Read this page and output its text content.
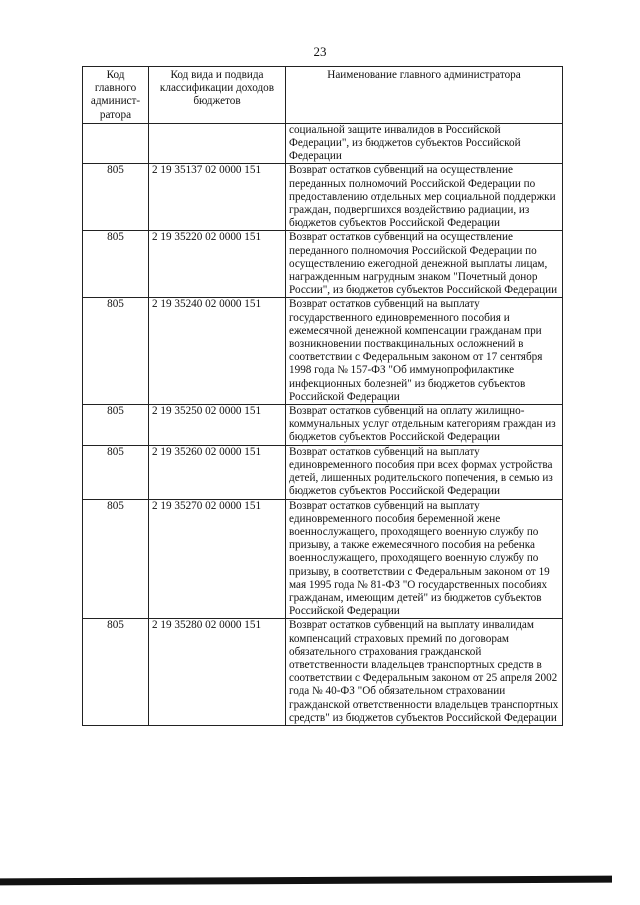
23
Код главного админист-ратора	Код вида и подвида классификации доходов бюджетов	Наименование главного администратора
		социальной защите инвалидов в Российской Федерации", из бюджетов субъектов Российской Федерации
805	2 19 35137 02 0000 151	Возврат остатков субвенций на осуществление переданных полномочий Российской Федерации по предоставлению отдельных мер социальной поддержки граждан, подвергшихся воздействию радиации, из бюджетов субъектов Российской Федерации
805	2 19 35220 02 0000 151	Возврат остатков субвенций на осуществление переданного полномочия Российской Федерации по осуществлению ежегодной денежной выплаты лицам, награжденным нагрудным знаком "Почетный донор России", из бюджетов субъектов Российской Федерации
805	2 19 35240 02 0000 151	Возврат остатков субвенций на выплату государственного единовременного пособия и ежемесячной денежной компенсации гражданам при возникновении поствакцинальных осложнений в соответствии с Федеральным законом от 17 сентября 1998 года № 157-ФЗ "Об иммунопрофилактике инфекционных болезней" из бюджетов субъектов Российской Федерации
805	2 19 35250 02 0000 151	Возврат остатков субвенций на оплату жилищно-коммунальных услуг отдельным категориям граждан из бюджетов субъектов Российской Федерации
805	2 19 35260 02 0000 151	Возврат остатков субвенций на выплату единовременного пособия при всех формах устройства детей, лишенных родительского попечения, в семью из бюджетов субъектов Российской Федерации
805	2 19 35270 02 0000 151	Возврат остатков субвенций на выплату единовременного пособия беременной жене военнослужащего, проходящего военную службу по призыву, а также ежемесячного пособия на ребенка военнослужащего, проходящего военную службу по призыву, в соответствии с Федеральным законом от 19 мая 1995 года № 81-ФЗ "О государственных пособиях гражданам, имеющим детей" из бюджетов субъектов Российской Федерации
805	2 19 35280 02 0000 151	Возврат остатков субвенций на выплату инвалидам компенсаций страховых премий по договорам обязательного страхования гражданской ответственности владельцев транспортных средств в соответствии с Федеральным законом от 25 апреля 2002 года № 40-ФЗ "Об обязательном страховании гражданской ответственности владельцев транспортных средств" из бюджетов субъектов Российской Федерации
